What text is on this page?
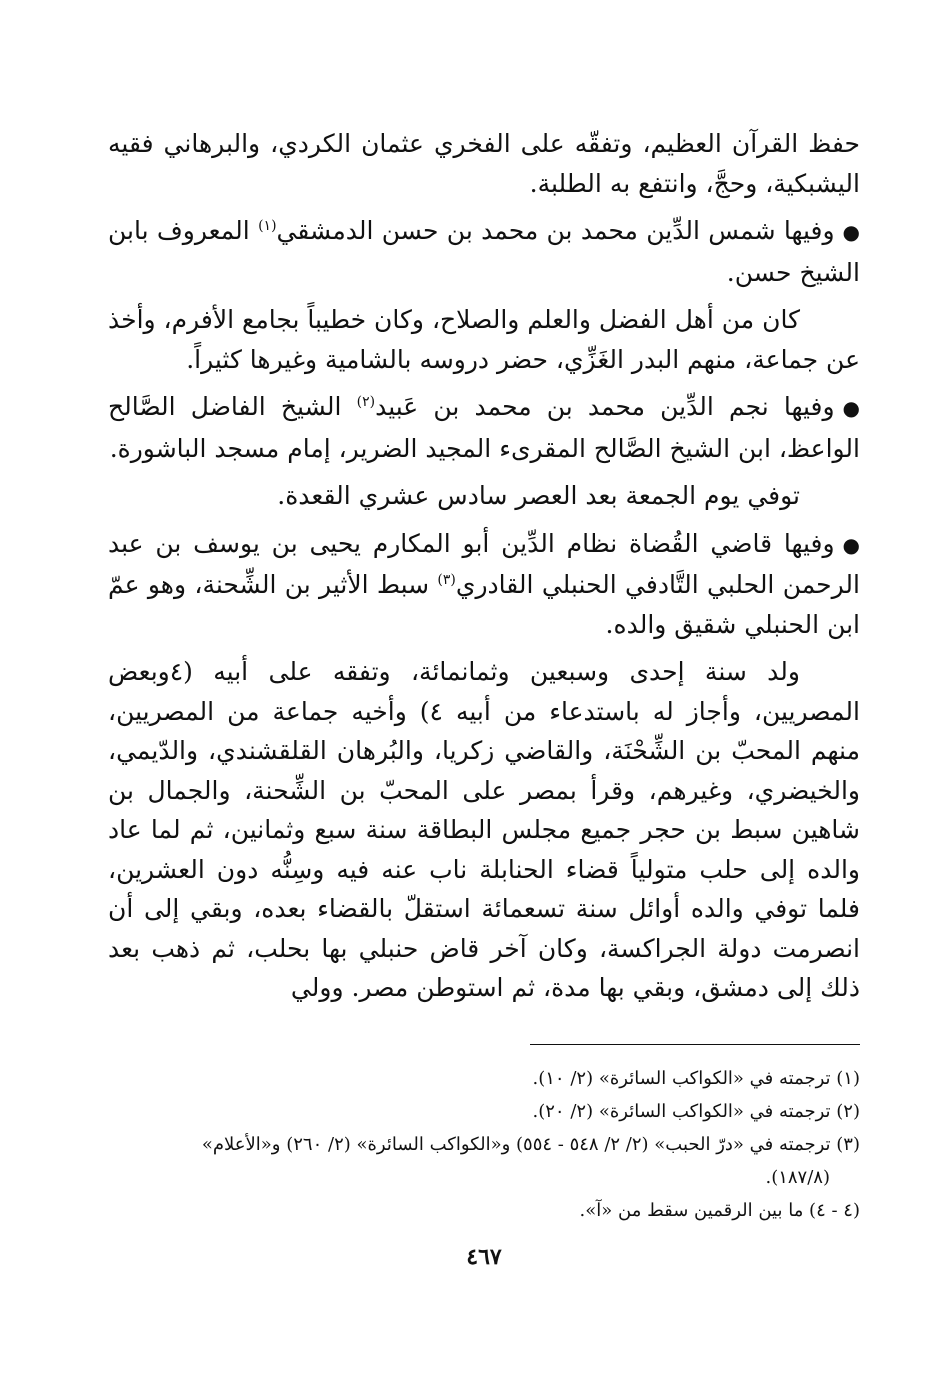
حفظ القرآن العظيم، وتفقّه على الفخري عثمان الكردي، والبرهاني فقيه اليشبكية، وحجَّ، وانتفع به الطلبة.

●وفيها شمس الدِّين محمد بن محمد بن حسن الدمشقي$^{(١)}$ المعروف بابن الشيخ حسن.

كان من أهل الفضل والعلم والصلاح، وكان خطيباً بجامع الأفرم، وأخذ عن جماعة، منهم البدر الغَزِّي، حضر دروسه بالشامية وغيرها كثيراً.

●وفيها نجم الدِّين محمد بن محمد بن عَبيد$^{(٢)}$ الشيخ الفاضل الصَّالح الواعظ، ابن الشيخ الصَّالح المقرىء المجيد الضرير، إمام مسجد الباشورة.

توفي يوم الجمعة بعد العصر سادس عشري القعدة.

●وفيها قاضي القُضاة نظام الدِّين أبو المكارم يحيى بن يوسف بن عبد الرحمن الحلبي التَّادفي الحنبلي القادري$^{(٣)}$ سبط الأثير بن الشِّحنة، وهو عمّ ابن الحنبلي شقيق والده.

ولد سنة إحدى وسبعين وثمانمائة، وتفقه على أبيه (٤وبعض المصريين، وأجاز له باستدعاء من أبيه ٤) وأخيه جماعة من المصريين، منهم المحبّ بن الشِّحْنَة، والقاضي زكريا، والبُرهان القلقشندي، والدّيمي، والخيضري، وغيرهم، وقرأ بمصر على المحبّ بن الشِّحنة، والجمال بن شاهين سبط بن حجر جميع مجلس البطاقة سنة سبع وثمانين، ثم لما عاد والده إلى حلب متولياً قضاء الحنابلة ناب عنه فيه وسِنُّه دون العشرين، فلما توفي والده أوائل سنة تسعمائة استقلّ بالقضاء بعده، وبقي إلى أن انصرمت دولة الجراكسة، وكان آخر قاض حنبلي بها بحلب، ثم ذهب بعد ذلك إلى دمشق، وبقي بها مدة، ثم استوطن مصر. وولي

(١) ترجمته في «الكواكب السائرة» (٢/ ١٠).

(٢) ترجمته في «الكواكب السائرة» (٢/ ٢٠).

(٣) ترجمته في «درّ الحبب» (٢/ ٢/ ٥٤٨ - ٥٥٤) و«الكواكب السائرة» (٢/ ٢٦٠) و«الأعلام»

(١٨٧/٨).

(٤ - ٤) ما بين الرقمين سقط من «آ».

٤٦٧
